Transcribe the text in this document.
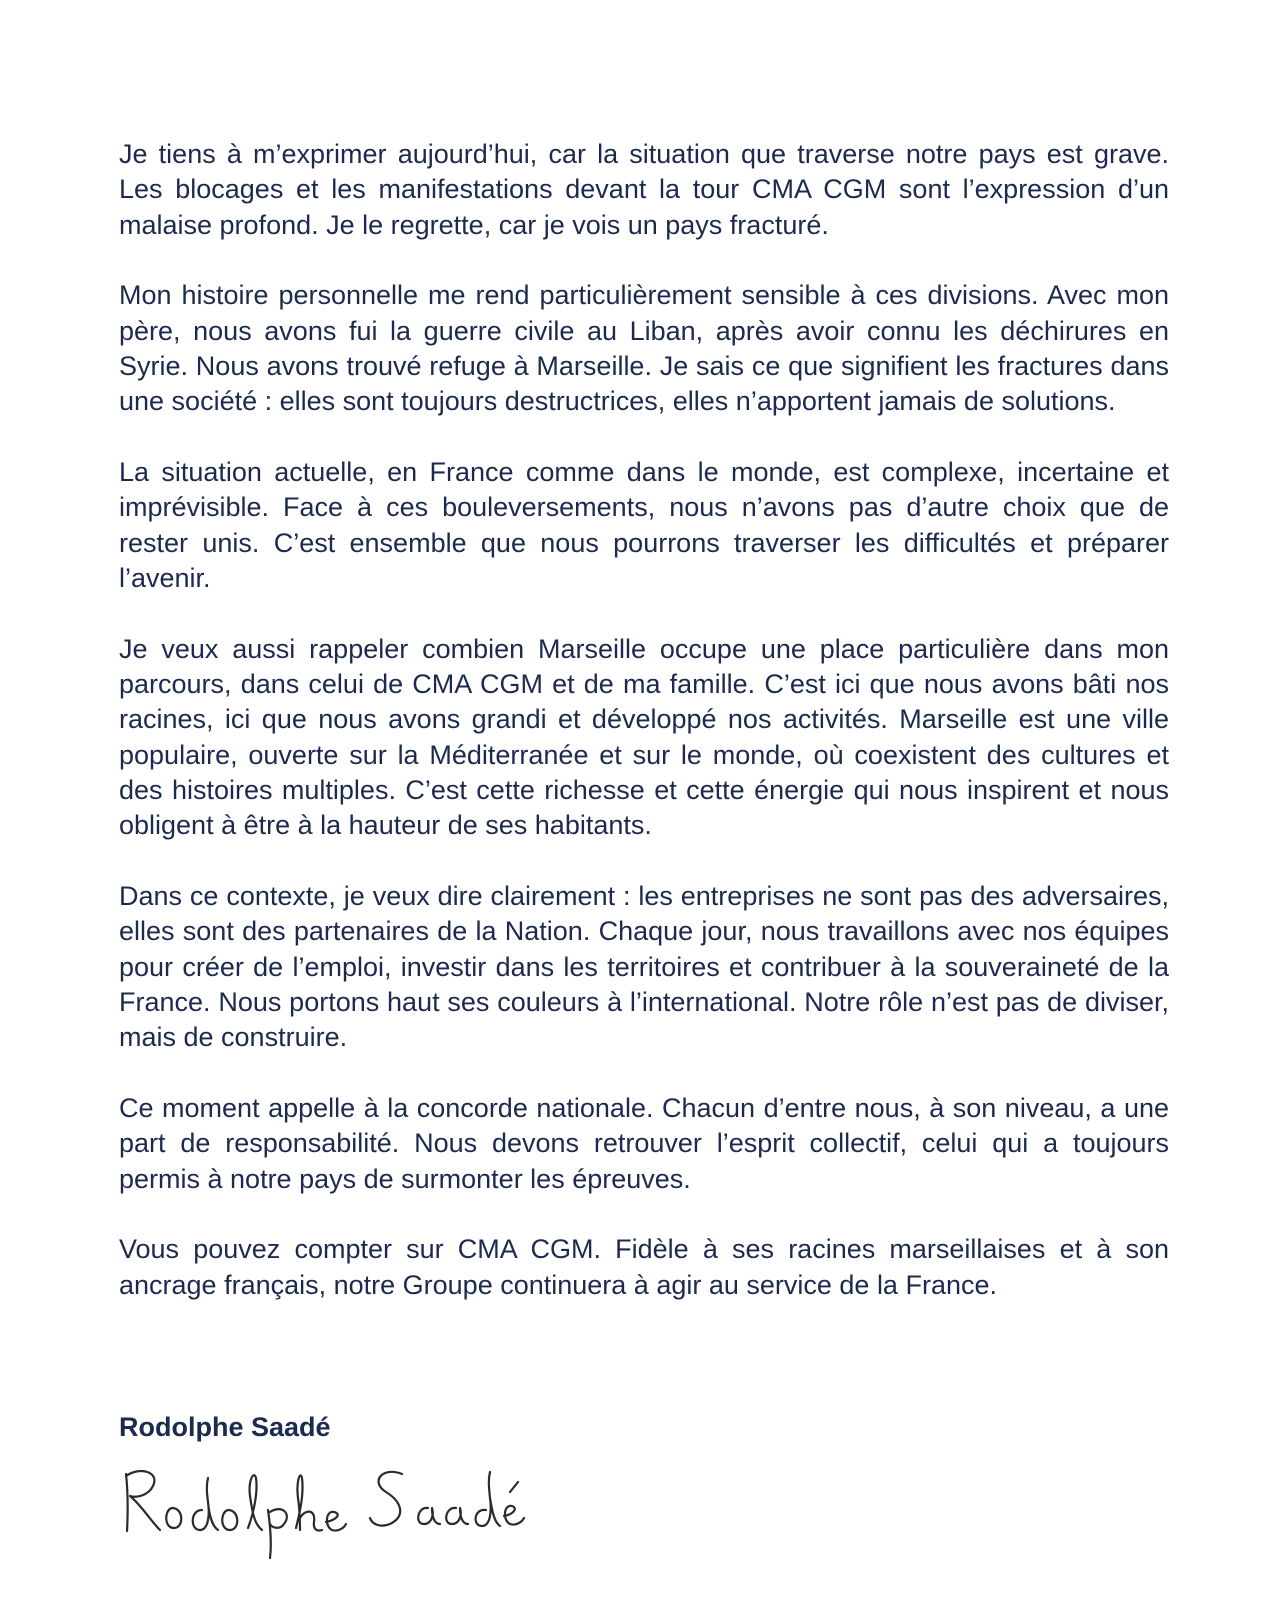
Je tiens à m’exprimer aujourd’hui, car la situation que traverse notre pays est grave. Les blocages et les manifestations devant la tour CMA CGM sont l’expression d’un malaise profond. Je le regrette, car je vois un pays fracturé.

Mon histoire personnelle me rend particulièrement sensible à ces divisions. Avec mon père, nous avons fui la guerre civile au Liban, après avoir connu les déchirures en Syrie. Nous avons trouvé refuge à Marseille. Je sais ce que signifient les fractures dans une société : elles sont toujours destructrices, elles n’apportent jamais de solutions.

La situation actuelle, en France comme dans le monde, est complexe, incertaine et imprévisible. Face à ces bouleversements, nous n’avons pas d’autre choix que de rester unis. C’est ensemble que nous pourrons traverser les difficultés et préparer l’avenir.

Je veux aussi rappeler combien Marseille occupe une place particulière dans mon parcours, dans celui de CMA CGM et de ma famille. C’est ici que nous avons bâti nos racines, ici que nous avons grandi et développé nos activités. Marseille est une ville populaire, ouverte sur la Méditerranée et sur le monde, où coexistent des cultures et des histoires multiples. C’est cette richesse et cette énergie qui nous inspirent et nous obligent à être à la hauteur de ses habitants.

Dans ce contexte, je veux dire clairement : les entreprises ne sont pas des adversaires, elles sont des partenaires de la Nation. Chaque jour, nous travaillons avec nos équipes pour créer de l’emploi, investir dans les territoires et contribuer à la souveraineté de la France. Nous portons haut ses couleurs à l’international. Notre rôle n’est pas de diviser, mais de construire.

Ce moment appelle à la concorde nationale. Chacun d’entre nous, à son niveau, a une part de responsabilité. Nous devons retrouver l’esprit collectif, celui qui a toujours permis à notre pays de surmonter les épreuves.

Vous pouvez compter sur CMA CGM. Fidèle à ses racines marseillaises et à son ancrage français, notre Groupe continuera à agir au service de la France.

Rodolphe Saadé
